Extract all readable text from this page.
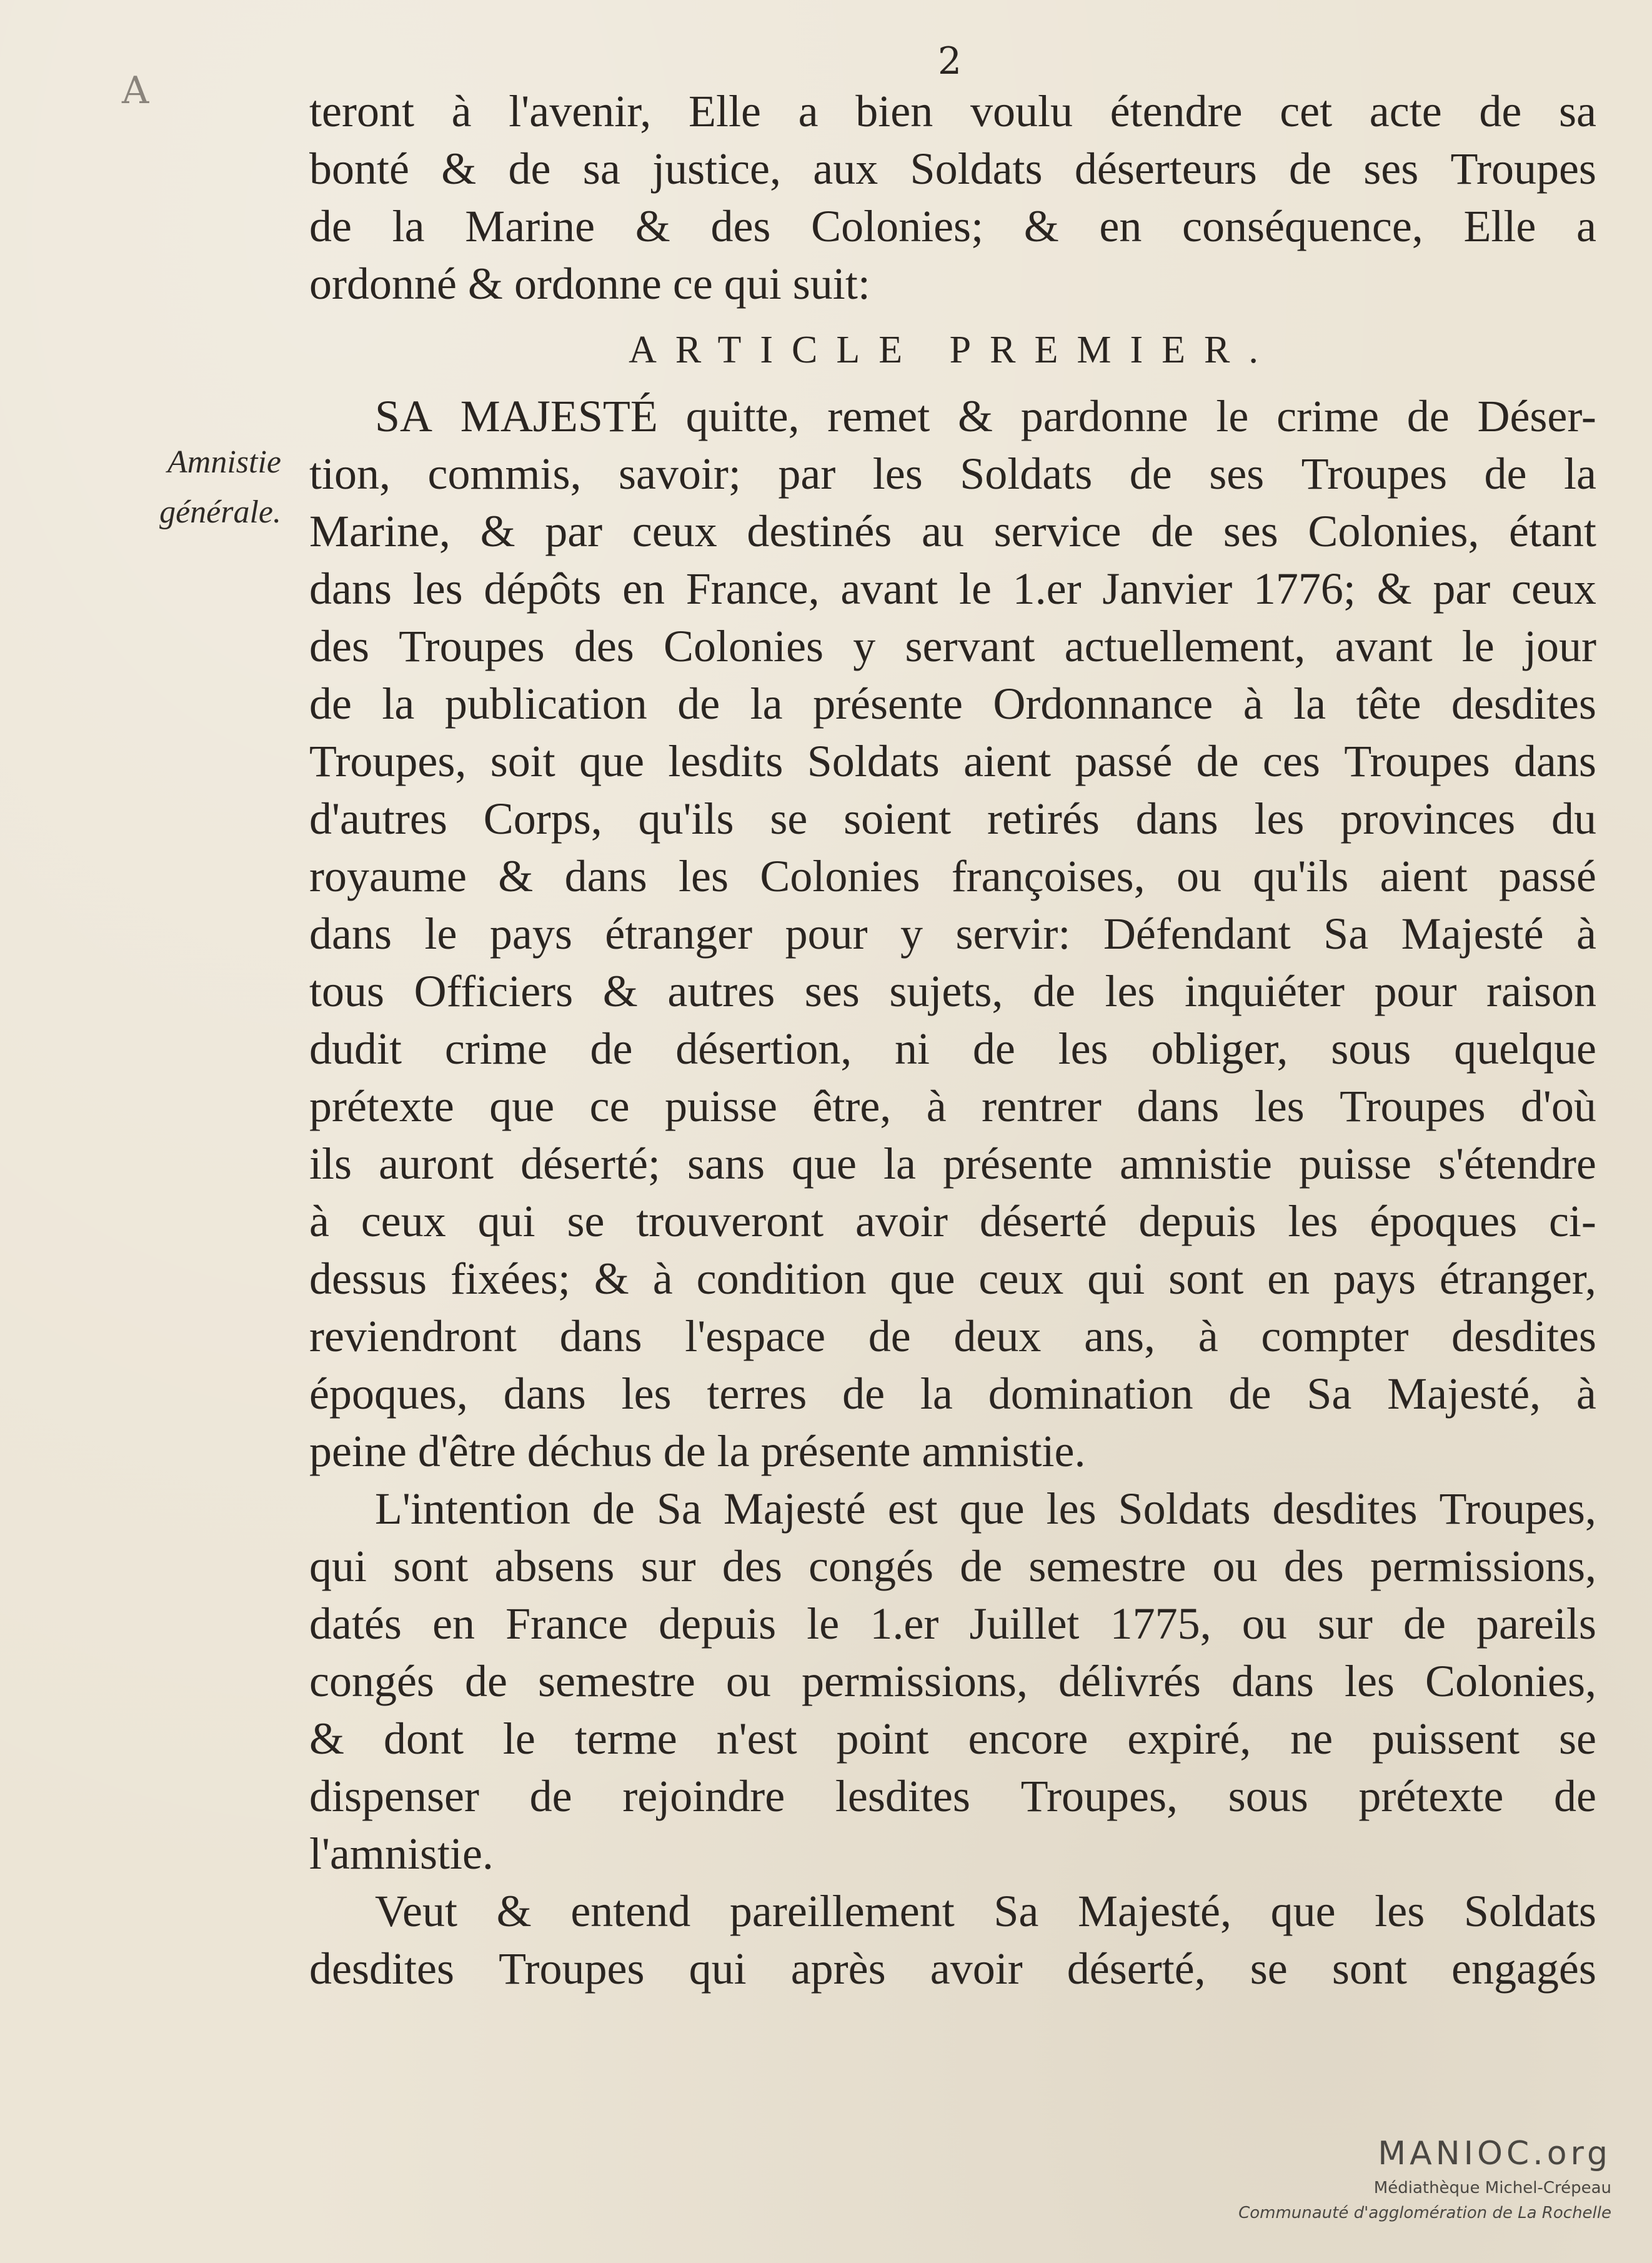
2
A
Amnistie
générale.
teront à l'avenir, Elle a bien voulu étendre cet acte de sa
bonté & de sa justice, aux Soldats déserteurs de ses Troupes
de la Marine & des Colonies; & en conséquence, Elle a
ordonné & ordonne ce qui suit:
ARTICLE PREMIER.
SA MAJESTÉ quitte, remet & pardonne le crime de Déser-
tion, commis, savoir; par les Soldats de ses Troupes de la
Marine, & par ceux destinés au service de ses Colonies, étant
dans les dépôts en France, avant le 1.er Janvier 1776; & par ceux
des Troupes des Colonies y servant actuellement, avant le jour
de la publication de la présente Ordonnance à la tête desdites
Troupes, soit que lesdits Soldats aient passé de ces Troupes dans
d'autres Corps, qu'ils se soient retirés dans les provinces du
royaume & dans les Colonies françoises, ou qu'ils aient passé
dans le pays étranger pour y servir: Défendant Sa Majesté à
tous Officiers & autres ses sujets, de les inquiéter pour raison
dudit crime de désertion, ni de les obliger, sous quelque
prétexte que ce puisse être, à rentrer dans les Troupes d'où
ils auront déserté; sans que la présente amnistie puisse s'étendre
à ceux qui se trouveront avoir déserté depuis les époques ci-
dessus fixées; & à condition que ceux qui sont en pays étranger,
reviendront dans l'espace de deux ans, à compter desdites
époques, dans les terres de la domination de Sa Majesté, à
peine d'être déchus de la présente amnistie.
L'intention de Sa Majesté est que les Soldats desdites Troupes,
qui sont absens sur des congés de semestre ou des permissions,
datés en France depuis le 1.er Juillet 1775, ou sur de pareils
congés de semestre ou permissions, délivrés dans les Colonies,
& dont le terme n'est point encore expiré, ne puissent se
dispenser de rejoindre lesdites Troupes, sous prétexte de
l'amnistie.
Veut & entend pareillement Sa Majesté, que les Soldats
desdites Troupes qui après avoir déserté, se sont engagés
MANIOC.org
Médiathèque Michel-Crépeau
Communauté d'agglomération de La Rochelle
